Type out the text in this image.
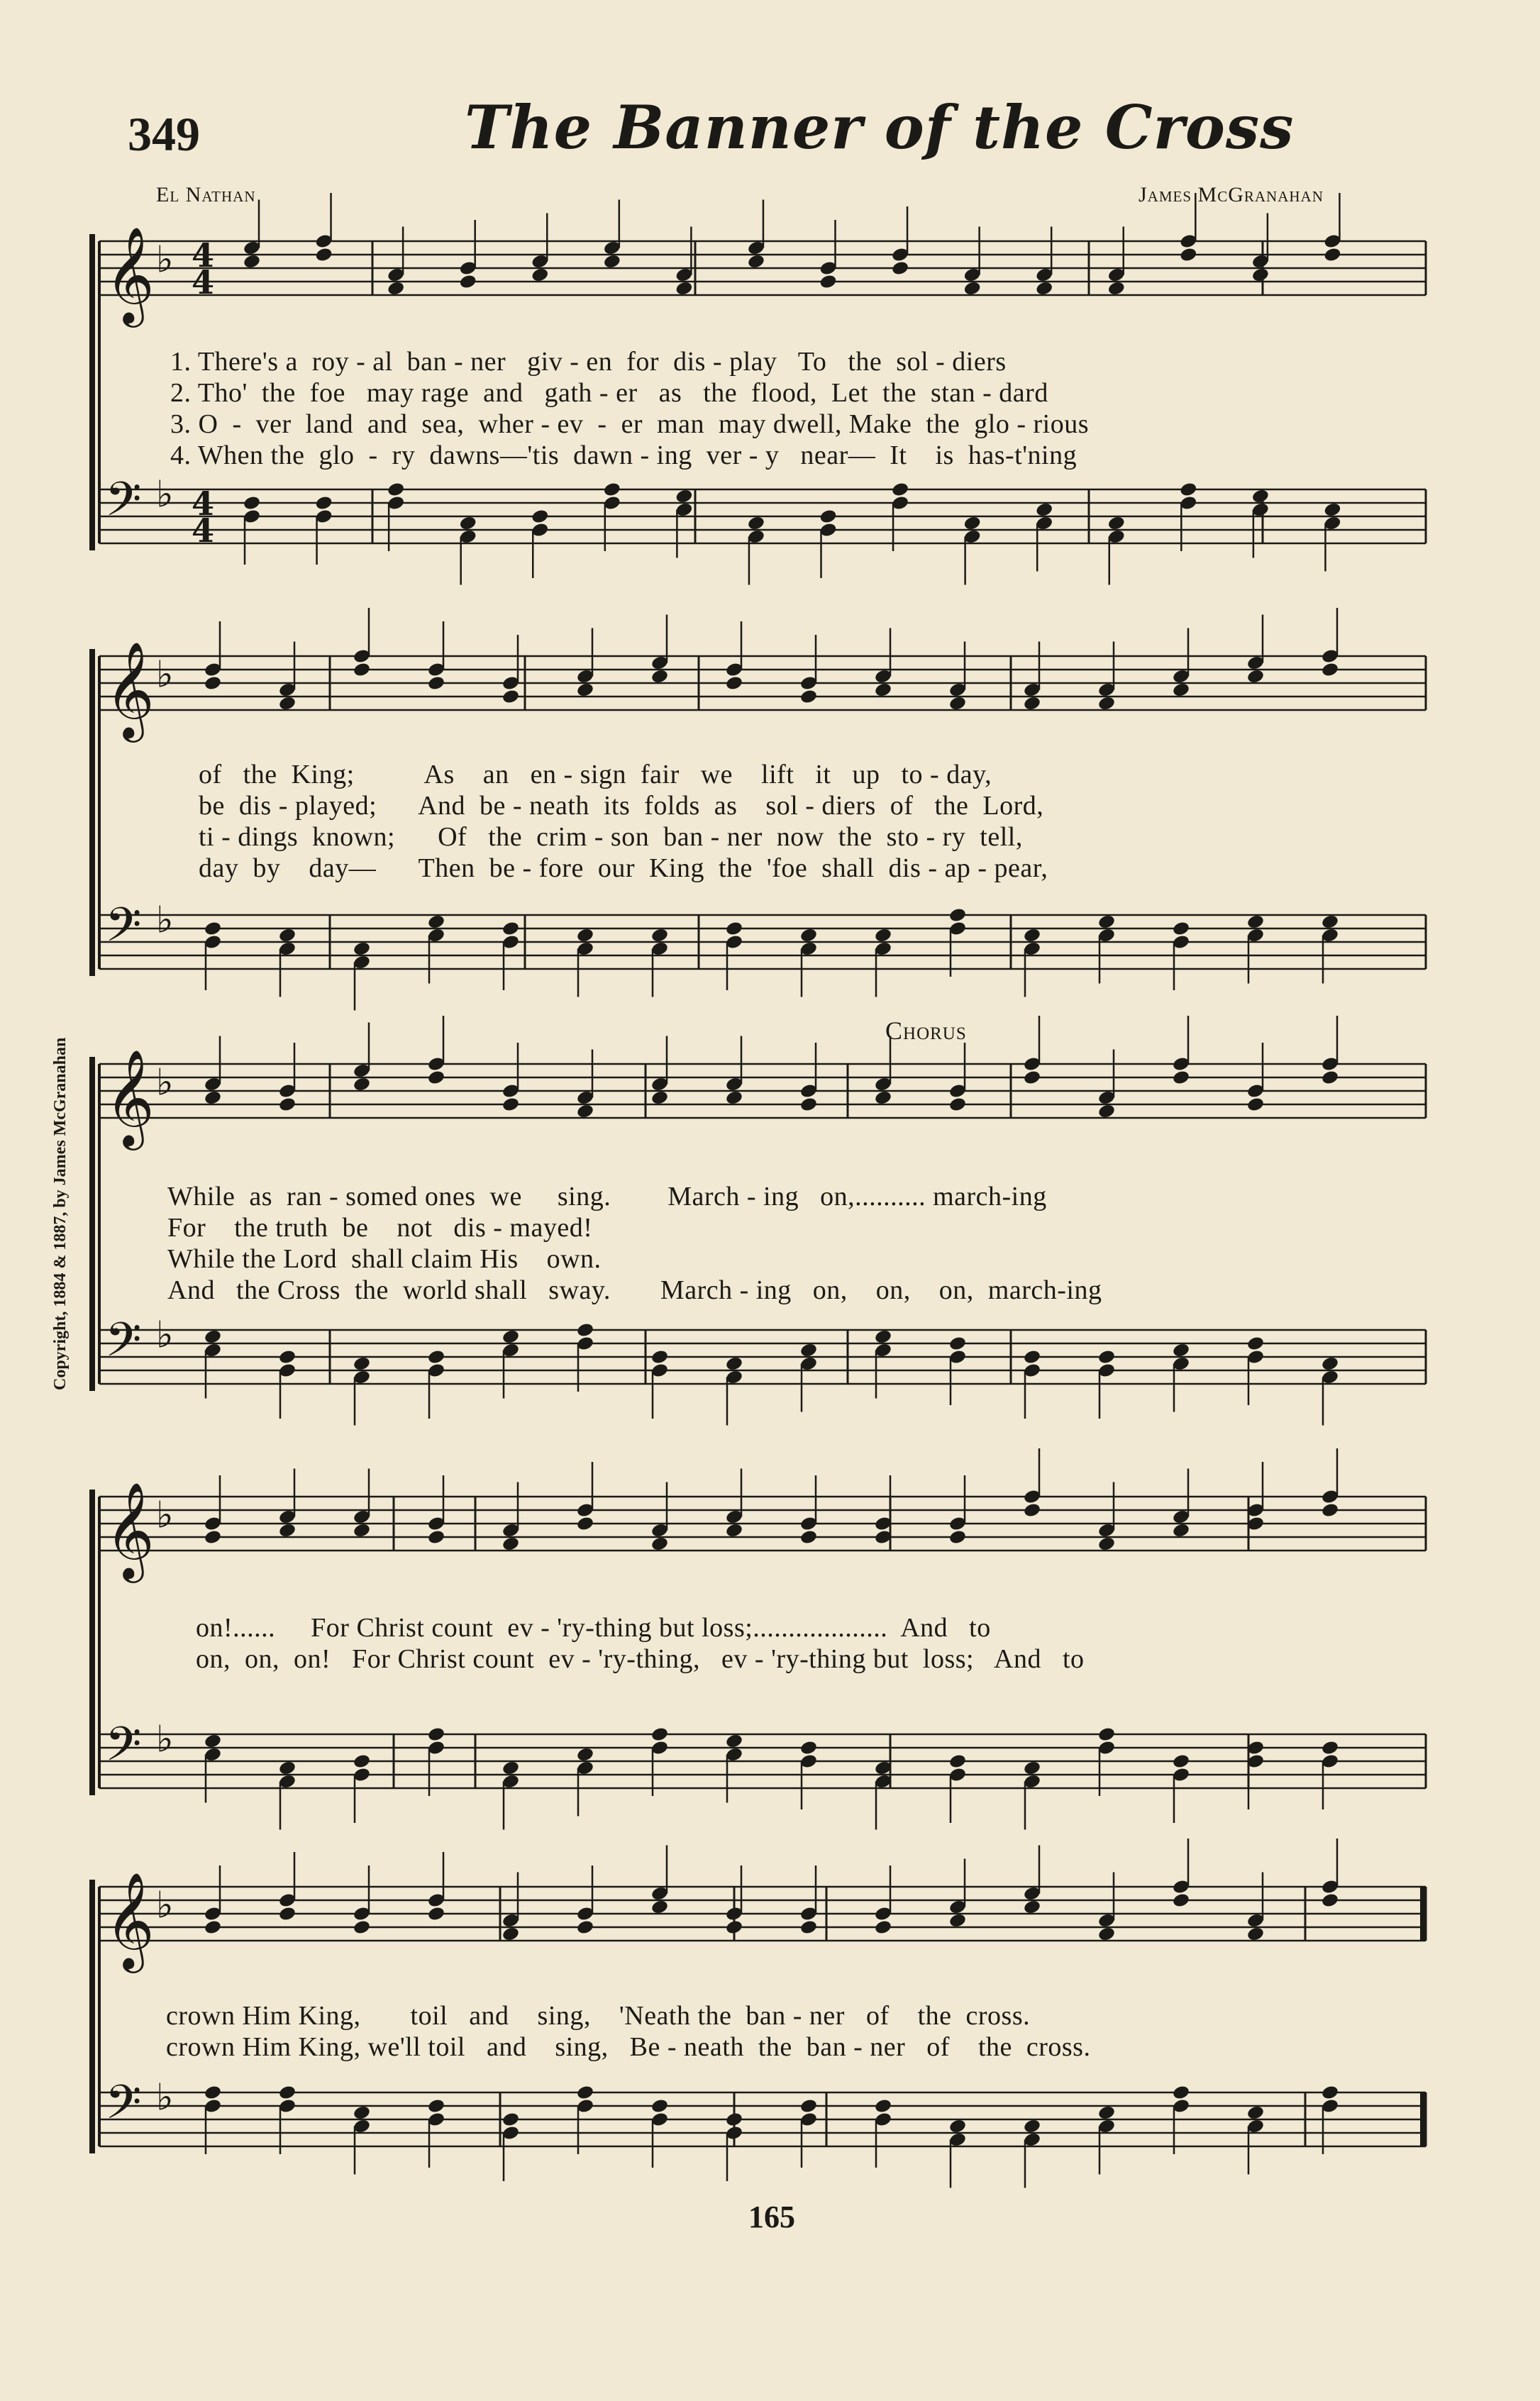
349	The Banner of the Cross
El Nathan	James McGranahan
Copyright, 1884 & 1887, by James McGranahan
Chorus
165
𝄞 ♭
𝄢 ♭
4
4
4
4
𝄞 ♭
𝄢 ♭
𝄞 ♭
𝄢 ♭
𝄞 ♭
𝄢 ♭
𝄞 ♭
𝄢 ♭
1. There's a  roy - al  ban - ner   giv - en  for  dis - play   To   the  sol - diers
2. Tho'  the  foe   may rage  and   gath - er   as   the  flood,  Let  the  stan - dard
3. O  -  ver  land  and  sea,  wher - ev  -  er  man  may dwell, Make  the  glo - rious
4. When the  glo  -  ry  dawns—'tis  dawn - ing  ver - y   near—  It    is  has-t'ning
of   the  King;          As    an   en - sign  fair   we    lift   it   up   to - day,
be  dis - played;      And  be - neath  its  folds  as    sol - diers  of   the  Lord,
ti - dings  known;      Of   the  crim - son  ban - ner  now  the  sto - ry  tell,
day  by    day—      Then  be - fore  our  King  the  'foe  shall  dis - ap - pear,
While  as  ran - somed ones  we     sing.        March - ing   on,.......... march-ing
For    the truth  be    not   dis - mayed!
While the Lord  shall claim His    own.
And   the Cross  the  world shall   sway.       March - ing   on,    on,    on,  march-ing
on!......     For Christ count  ev - 'ry-thing but loss;...................  And   to
on,  on,  on!   For Christ count  ev - 'ry-thing,   ev - 'ry-thing but  loss;   And   to
crown Him King,       toil   and    sing,    'Neath the  ban - ner   of    the  cross.
crown Him King, we'll toil   and    sing,   Be - neath  the  ban - ner   of    the  cross.
